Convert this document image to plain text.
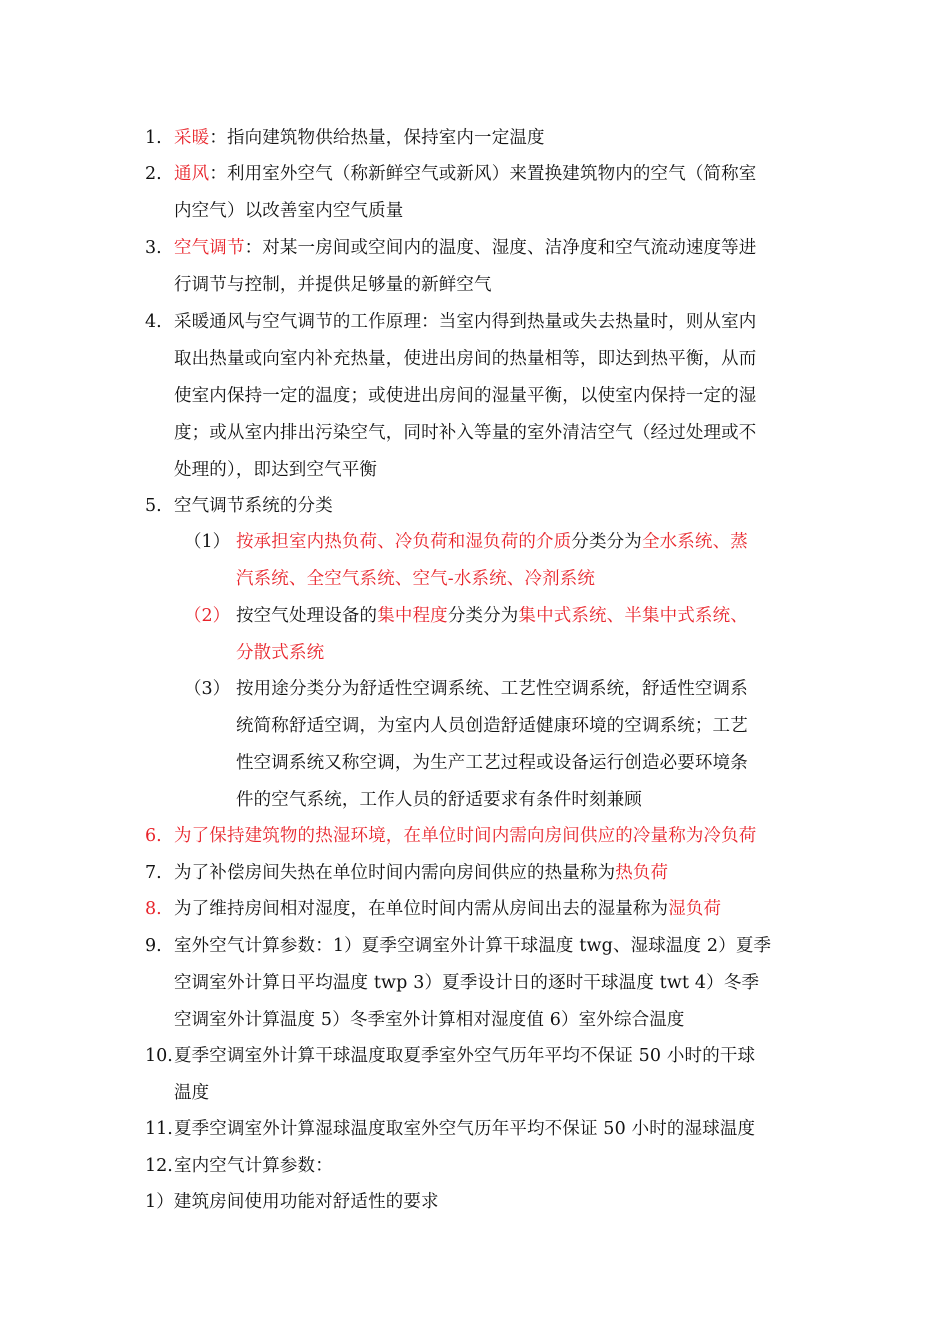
1. 采暖：指向建筑物供给热量，保持室内一定温度
2. 通风：利用室外空气（称新鲜空气或新风）来置换建筑物内的空气（简称室
内空气）以改善室内空气质量
3. 空气调节：对某一房间或空间内的温度、湿度、洁净度和空气流动速度等进
行调节与控制，并提供足够量的新鲜空气
4. 采暖通风与空气调节的工作原理：当室内得到热量或失去热量时，则从室内
取出热量或向室内补充热量，使进出房间的热量相等，即达到热平衡，从而
使室内保持一定的温度；或使进出房间的湿量平衡，以使室内保持一定的湿
度；或从室内排出污染空气，同时补入等量的室外清洁空气（经过处理或不
处理的），即达到空气平衡
5. 空气调节系统的分类
（1） 按承担室内热负荷、冷负荷和湿负荷的介质分类分为全水系统、蒸
汽系统、全空气系统、空气-水系统、冷剂系统
（2） 按空气处理设备的集中程度分类分为集中式系统、半集中式系统、
分散式系统
（3） 按用途分类分为舒适性空调系统、工艺性空调系统，舒适性空调系
统简称舒适空调，为室内人员创造舒适健康环境的空调系统；工艺
性空调系统又称空调，为生产工艺过程或设备运行创造必要环境条
件的空气系统，工作人员的舒适要求有条件时刻兼顾
6. 为了保持建筑物的热湿环境，在单位时间内需向房间供应的冷量称为冷负荷
7. 为了补偿房间失热在单位时间内需向房间供应的热量称为热负荷
8. 为了维持房间相对湿度，在单位时间内需从房间出去的湿量称为湿负荷
9. 室外空气计算参数：1）夏季空调室外计算干球温度 twg、湿球温度 2）夏季
空调室外计算日平均温度 twp 3）夏季设计日的逐时干球温度 twt 4）冬季
空调室外计算温度 5）冬季室外计算相对湿度值 6）室外综合温度
10. 夏季空调室外计算干球温度取夏季室外空气历年平均不保证 50 小时的干球
温度
11. 夏季空调室外计算湿球温度取室外空气历年平均不保证 50 小时的湿球温度
12. 室内空气计算参数：
1）建筑房间使用功能对舒适性的要求
